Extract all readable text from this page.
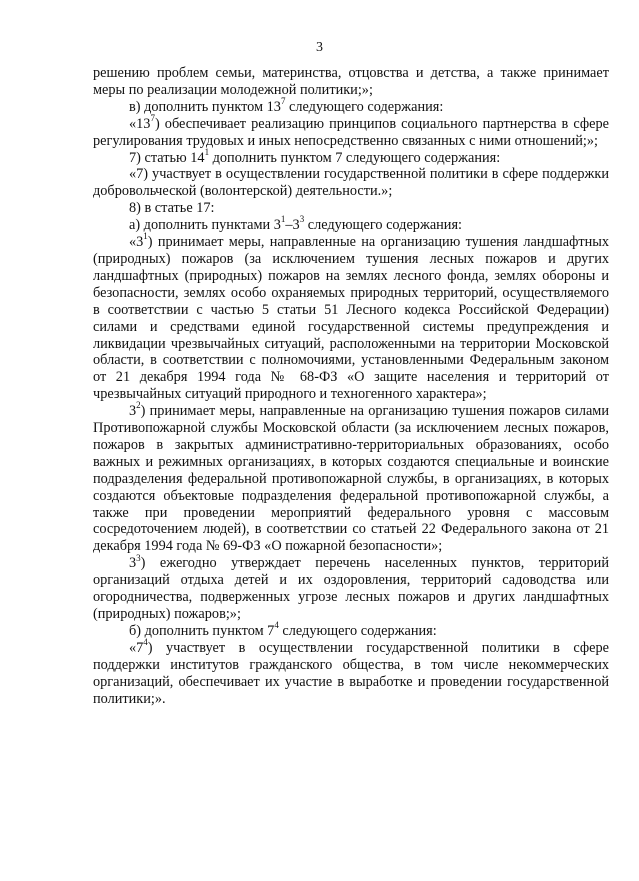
3

решению проблем семьи, материнства, отцовства и детства, а также принимает меры по реализации молодежной политики;»;

в) дополнить пунктом $13^7$ следующего содержания:

«$13^7$) обеспечивает реализацию принципов социального партнерства в сфере регулирования трудовых и иных непосредственно связанных с ними отношений;»;

7) статью $14^1$ дополнить пунктом 7 следующего содержания:

«7) участвует в осуществлении государственной политики в сфере поддержки добровольческой (волонтерской) деятельности.»;

8) в статье 17:

а) дополнить пунктами $3^1-3^3$ следующего содержания:

«$3^1$) принимает меры, направленные на организацию тушения ландшафтных (природных) пожаров (за исключением тушения лесных пожаров и других ландшафтных (природных) пожаров на землях лесного фонда, землях обороны и безопасности, землях особо охраняемых природных территорий, осуществляемого в соответствии с частью 5 статьи 51 Лесного кодекса Российской Федерации) силами и средствами единой государственной системы предупреждения и ликвидации чрезвычайных ситуаций, расположенными на территории Московской области, в соответствии с полномочиями, установленными Федеральным законом от 21 декабря 1994 года № 68-ФЗ «О защите населения и территорий от чрезвычайных ситуаций природного и техногенного характера»;

$3^2$) принимает меры, направленные на организацию тушения пожаров силами Противопожарной службы Московской области (за исключением лесных пожаров, пожаров в закрытых административно-территориальных образованиях, особо важных и режимных организациях, в которых создаются специальные и воинские подразделения федеральной противопожарной службы, в организациях, в которых создаются объектовые подразделения федеральной противопожарной службы, а также при проведении мероприятий федерального уровня с массовым сосредоточением людей), в соответствии со статьей 22 Федерального закона от 21 декабря 1994 года № 69-ФЗ «О пожарной безопасности»;

$3^3$) ежегодно утверждает перечень населенных пунктов, территорий организаций отдыха детей и их оздоровления, территорий садоводства или огородничества, подверженных угрозе лесных пожаров и других ландшафтных (природных) пожаров;»;

б) дополнить пунктом $7^4$ следующего содержания:

«$7^4$) участвует в осуществлении государственной политики в сфере поддержки институтов гражданского общества, в том числе некоммерческих организаций, обеспечивает их участие в выработке и проведении государственной политики;».
